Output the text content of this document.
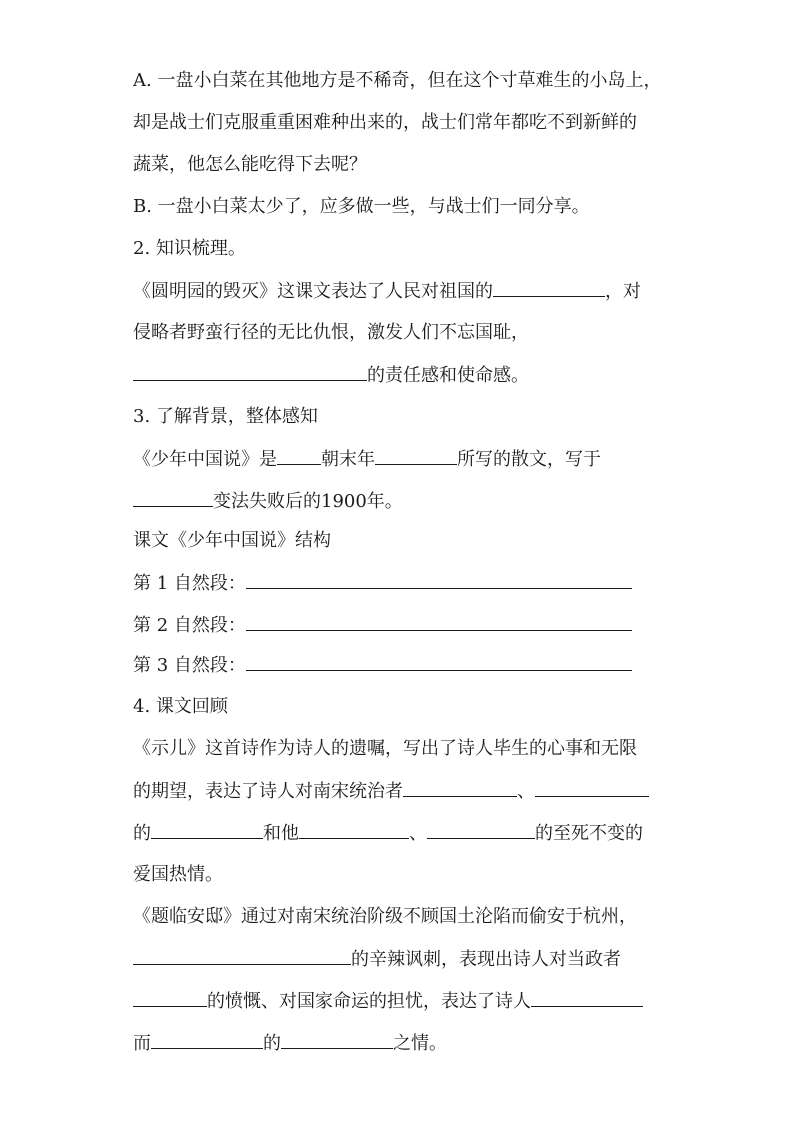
A. 一盘小白菜在其他地方是不稀奇，但在这个寸草难生的小岛上，
却是战士们克服重重困难种出来的，战士们常年都吃不到新鲜的
蔬菜，他怎么能吃得下去呢？
B. 一盘小白菜太少了，应多做一些，与战士们一同分享。
2. 知识梳理。
《圆明园的毁灭》这课文表达了人民对祖国的	，对
侵略者野蛮行径的无比仇恨，激发人们不忘国耻，
的责任感和使命感。
3. 了解背景，整体感知
《少年中国说》是 朝末年	所写的散文，写于
变法失败后的1900年。
课文《少年中国说》结构
第 1 自然段：
第 2 自然段：
第 3 自然段：
4. 课文回顾
《示儿》这首诗作为诗人的遗嘱，写出了诗人毕生的心事和无限
的期望，表达了诗人对南宋统治者	、
的	和他	、	的至死不变的
爱国热情。
《题临安邸》通过对南宋统治阶级不顾国土沦陷而偷安于杭州，
的辛辣讽刺，表现出诗人对当政者
的愤慨、对国家命运的担忧，表达了诗人
而	的	之情。
